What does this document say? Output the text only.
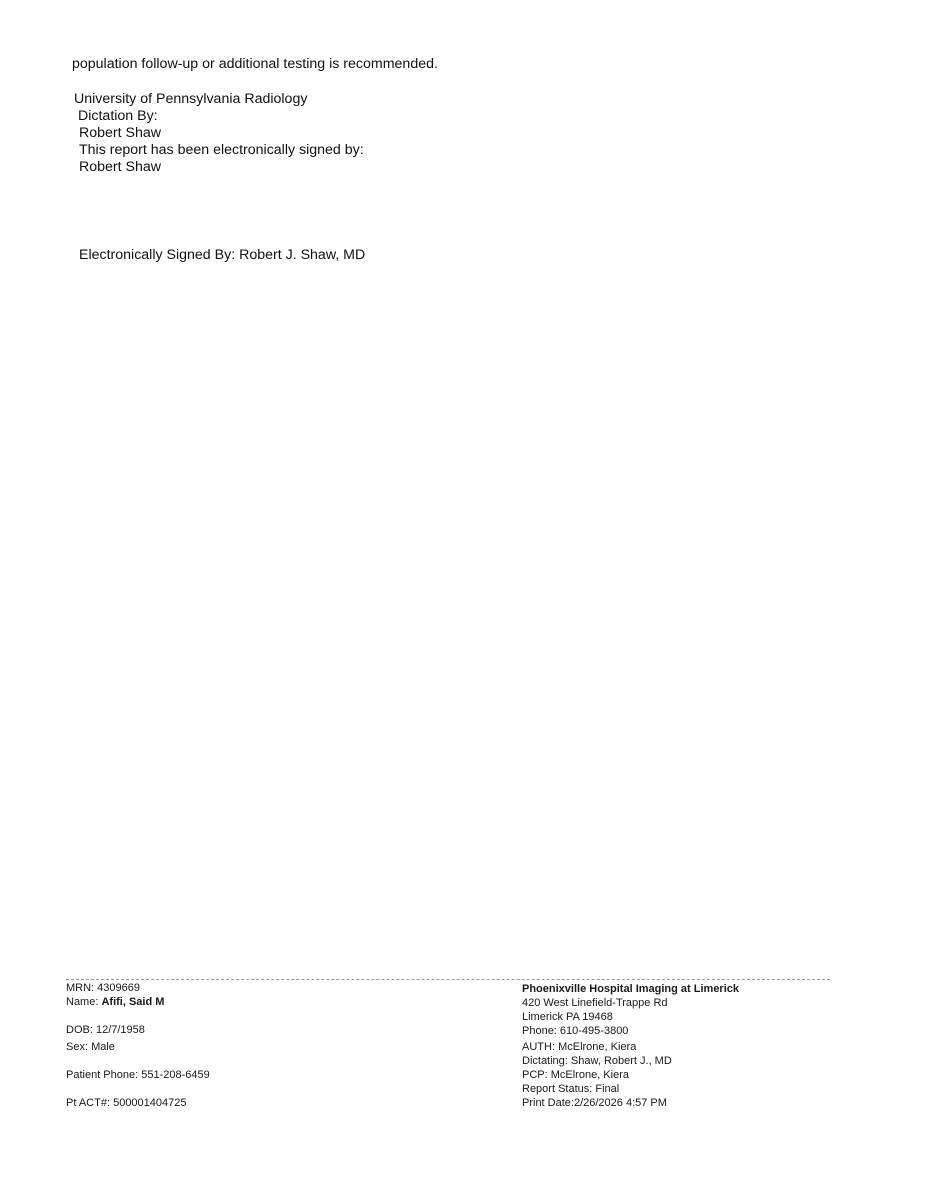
population follow-up or additional testing is recommended.
University of Pennsylvania Radiology
Dictation By:
Robert Shaw
This report has been electronically signed by:
Robert Shaw
Electronically Signed By: Robert J. Shaw, MD
MRN: 4309669
Name: Afifi, Said M
DOB: 12/7/1958
Sex: Male
Patient Phone: 551-208-6459
Pt ACT#: 500001404725
Phoenixville Hospital Imaging at Limerick
420 West Linefield-Trappe Rd
Limerick PA 19468
Phone: 610-495-3800
AUTH: McElrone, Kiera
Dictating: Shaw, Robert J., MD
PCP: McElrone, Kiera
Report Status: Final
Print Date:2/26/2026 4:57 PM
